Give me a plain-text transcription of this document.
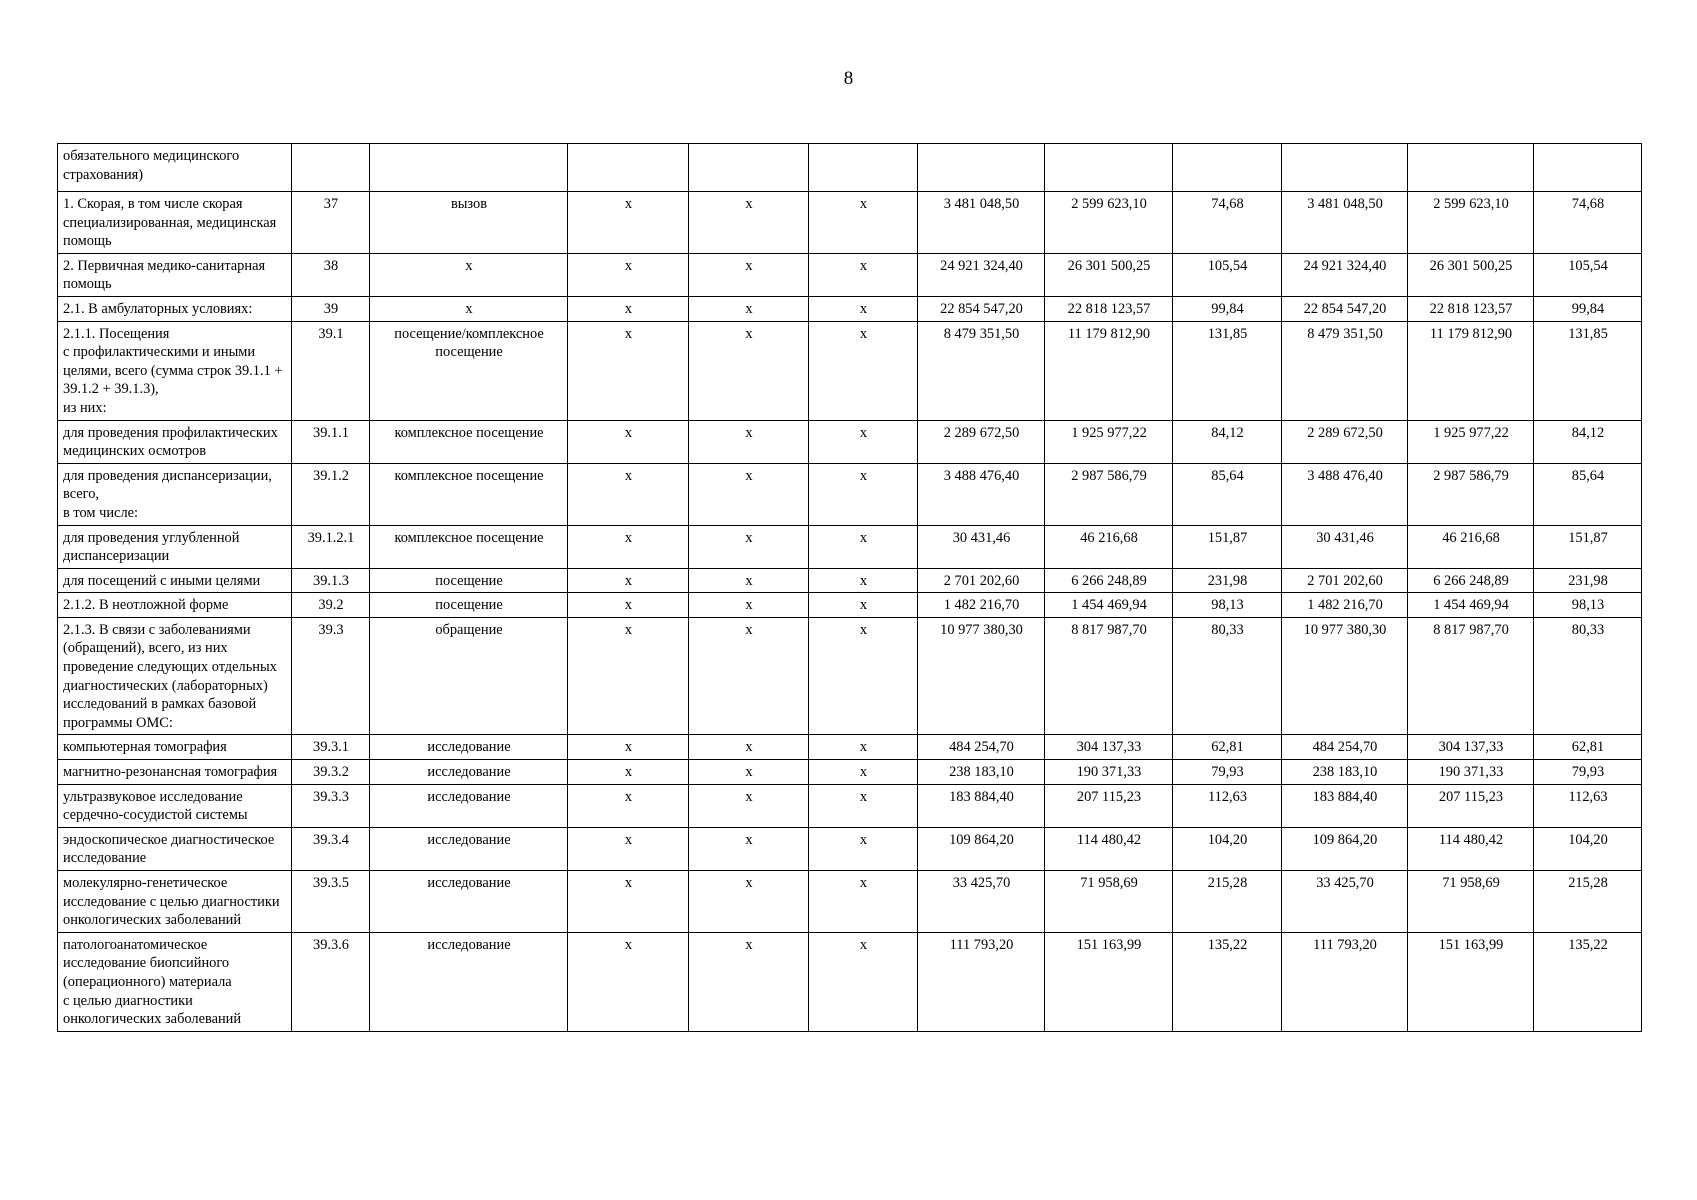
8
обязательного медицинского страхования)											
1. Скорая, в том числе скорая специализированная, медицинская помощь	37	вызов	х	х	х	3 481 048,50	2 599 623,10	74,68	3 481 048,50	2 599 623,10	74,68
2. Первичная медико-санитарная помощь	38	х	х	х	х	24 921 324,40	26 301 500,25	105,54	24 921 324,40	26 301 500,25	105,54
2.1. В амбулаторных условиях:	39	х	х	х	х	22 854 547,20	22 818 123,57	99,84	22 854 547,20	22 818 123,57	99,84
2.1.1. Посещения
с профилактическими и иными целями, всего (сумма строк 39.1.1 + 39.1.2 + 39.1.3),
из них:	39.1	посещение/комплексное посещение	х	х	х	8 479 351,50	11 179 812,90	131,85	8 479 351,50	11 179 812,90	131,85
для проведения профилактических медицинских осмотров	39.1.1	комплексное посещение	х	х	х	2 289 672,50	1 925 977,22	84,12	2 289 672,50	1 925 977,22	84,12
для проведения диспансеризации, всего,
в том числе:	39.1.2	комплексное посещение	х	х	х	3 488 476,40	2 987 586,79	85,64	3 488 476,40	2 987 586,79	85,64
для проведения углубленной диспансеризации	39.1.2.1	комплексное посещение	х	х	х	30 431,46	46 216,68	151,87	30 431,46	46 216,68	151,87
для посещений с иными целями	39.1.3	посещение	х	х	х	2 701 202,60	6 266 248,89	231,98	2 701 202,60	6 266 248,89	231,98
2.1.2. В неотложной форме	39.2	посещение	х	х	х	1 482 216,70	1 454 469,94	98,13	1 482 216,70	1 454 469,94	98,13
2.1.3. В связи с заболеваниями (обращений), всего, из них проведение следующих отдельных диагностических (лабораторных) исследований в рамках базовой программы ОМС:	39.3	обращение	х	х	х	10 977 380,30	8 817 987,70	80,33	10 977 380,30	8 817 987,70	80,33
компьютерная томография	39.3.1	исследование	х	х	х	484 254,70	304 137,33	62,81	484 254,70	304 137,33	62,81
магнитно-резонансная томография	39.3.2	исследование	х	х	х	238 183,10	190 371,33	79,93	238 183,10	190 371,33	79,93
ультразвуковое исследование сердечно-сосудистой системы	39.3.3	исследование	х	х	х	183 884,40	207 115,23	112,63	183 884,40	207 115,23	112,63
эндоскопическое диагностическое исследование	39.3.4	исследование	х	х	х	109 864,20	114 480,42	104,20	109 864,20	114 480,42	104,20
молекулярно-генетическое исследование с целью диагностики онкологических заболеваний	39.3.5	исследование	х	х	х	33 425,70	71 958,69	215,28	33 425,70	71 958,69	215,28
патологоанатомическое исследование биопсийного (операционного) материала
с целью диагностики онкологических заболеваний	39.3.6	исследование	х	х	х	111 793,20	151 163,99	135,22	111 793,20	151 163,99	135,22
